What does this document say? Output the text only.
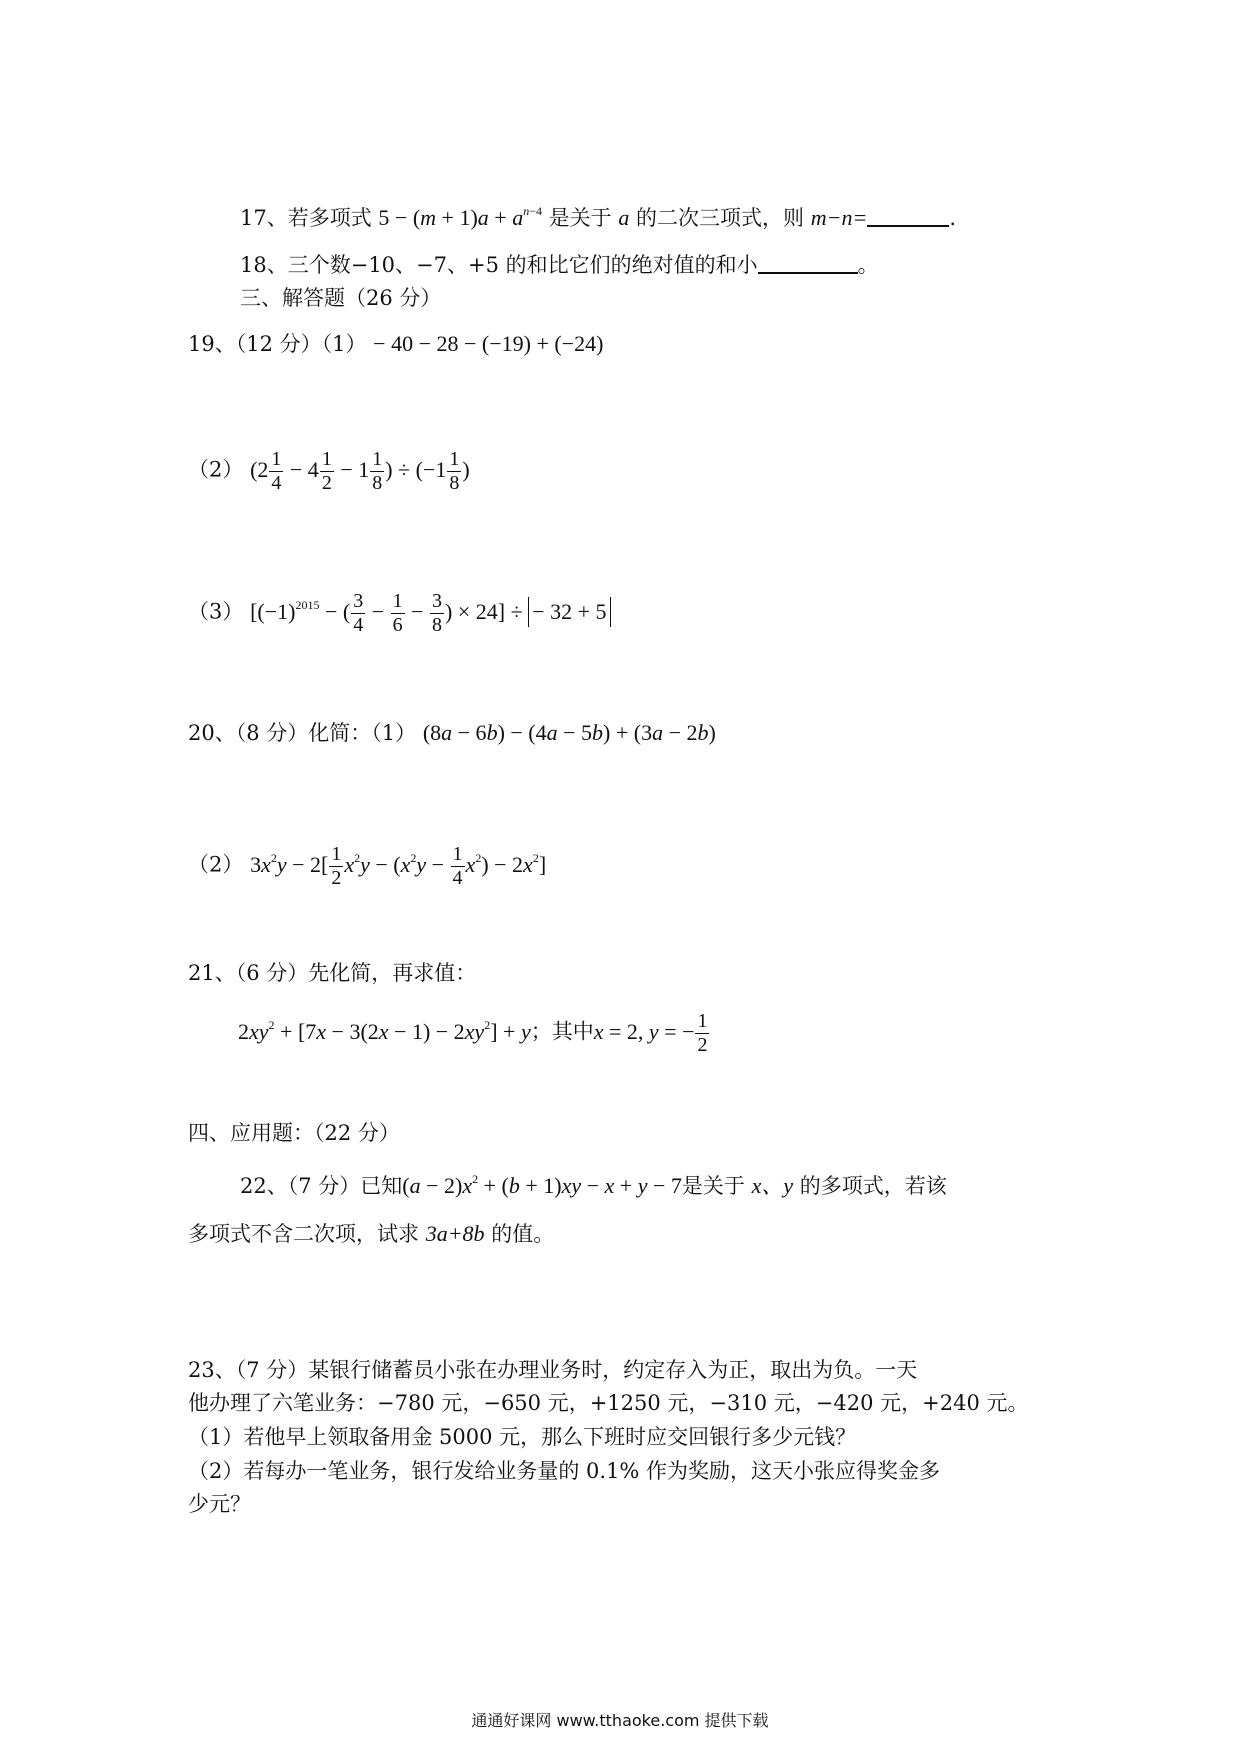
17、若多项式 $5 - (m + 1)a + a^{n-4}$ 是关于 a 的二次三项式，则 m−n=	.
18、三个数−10、−7、+5 的和比它们的绝对值的和小	。
三、解答题（26 分）
19、（12 分）（1） − 40 − 28 − (−19) + (−24)
（2） ($2 \frac{1}{4} - 4 \frac{1}{2} - 1 \frac{1}{8}$ ) ÷ ($-1 \frac{1}{8}$ )
（3） [$(-1)^{2015}$ − ( $\frac{3}{4} - \frac{1}{6} - \frac{3}{8}$ ) × 24] ÷ − 32 + 5
20、（8 分）化简：（1） (8a − 6b) − (4a − 5b) + (3a − 2b)
（2） $3x^2y - 2[ \frac{1}{2} x^2y - (x^2y - \frac{1}{4} x^2) - 2x^2]$
21、（6 分）先化简，再求值：
$2xy^2 + [7x - 3(2x - 1) - 2xy^2] + y$；其中x = 2, y = − $\frac{1}{2}$
四、应用题：（22 分）
22、（7 分）已知$(a - 2)x^2 + (b + 1)xy - x + y - 7$是关于 x、y 的多项式，若该
多项式不含二次项，试求 3a+8b 的值。
23、（7 分）某银行储蓄员小张在办理业务时，约定存入为正，取出为负。一天
他办理了六笔业务：−780 元，−650 元，+1250 元，−310 元，−420 元，+240 元。
（1）若他早上领取备用金 5000 元，那么下班时应交回银行多少元钱？
（2）若每办一笔业务，银行发给业务量的 0.1% 作为奖励，这天小张应得奖金多
少元？
通通好课网 www.tthaoke.com 提供下载
